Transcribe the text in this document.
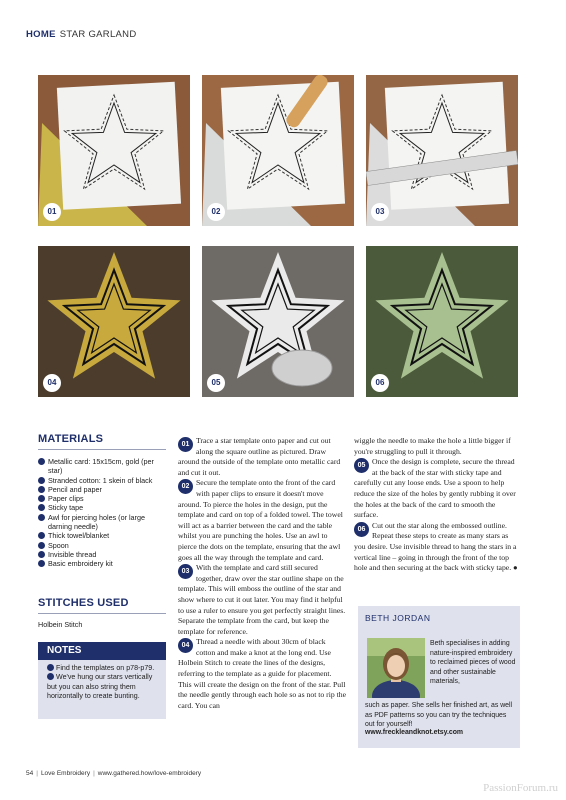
HOME STAR GARLAND
01	02	03
04	05	06
MATERIALS
Metallic card: 15x15cm, gold (per star)
Stranded cotton: 1 skein of black
Pencil and paper
Paper clips
Sticky tape
Awl for piercing holes (or large darning needle)
Thick towel/blanket
Spoon
Invisible thread
Basic embroidery kit
STITCHES USED
Holbein Stitch
NOTES

Find the templates on p78-p79.

We've hung our stars vertically but you can also string them horizontally to create bunting.

01 Trace a star template onto paper and cut out along the square outline as pictured. Draw around the outside of the template onto metallic card and cut it out.

02 Secure the template onto the front of the card with paper clips to ensure it doesn't move around. To pierce the holes in the design, put the template and card on top of a folded towel. The towel will act as a barrier between the card and the table whilst you are punching the holes. Use an awl to pierce the dots on the template, ensuring that the awl goes all the way through the template and card.

03 With the template and card still secured together, draw over the star outline shape on the template. This will emboss the outline of the star and show where to cut it out later. You may find it helpful to use a ruler to ensure you get perfectly straight lines. Separate the template from the card, but keep the template for reference.

04 Thread a needle with about 30cm of black cotton and make a knot at the long end. Use Holbein Stitch to create the lines of the designs, referring to the template as a guide for placement. This will create the design on the front of the star. Pull the needle gently through each hole so as not to rip the card. You can

wiggle the needle to make the hole a little bigger if you're struggling to pull it through.

05 Once the design is complete, secure the thread at the back of the star with sticky tape and carefully cut any loose ends. Use a spoon to help reduce the size of the holes by gently rubbing it over the holes at the back of the card to smooth the surface.

06 Cut out the star along the embossed outline. Repeat these steps to create as many stars as you desire. Use invisible thread to hang the stars in a vertical line – going in through the front of the top hole and then securing at the back with sticky tape. ●

BETH JORDAN
Beth specialises in adding nature-inspired embroidery to reclaimed pieces of wood and other sustainable materials,
such as paper. She sells her finished art, as well as PDF patterns so you can try the techniques out for yourself!
www.freckleandknot.etsy.com
54 | Love Embroidery | www.gathered.how/love-embroidery
PassionForum.ru
